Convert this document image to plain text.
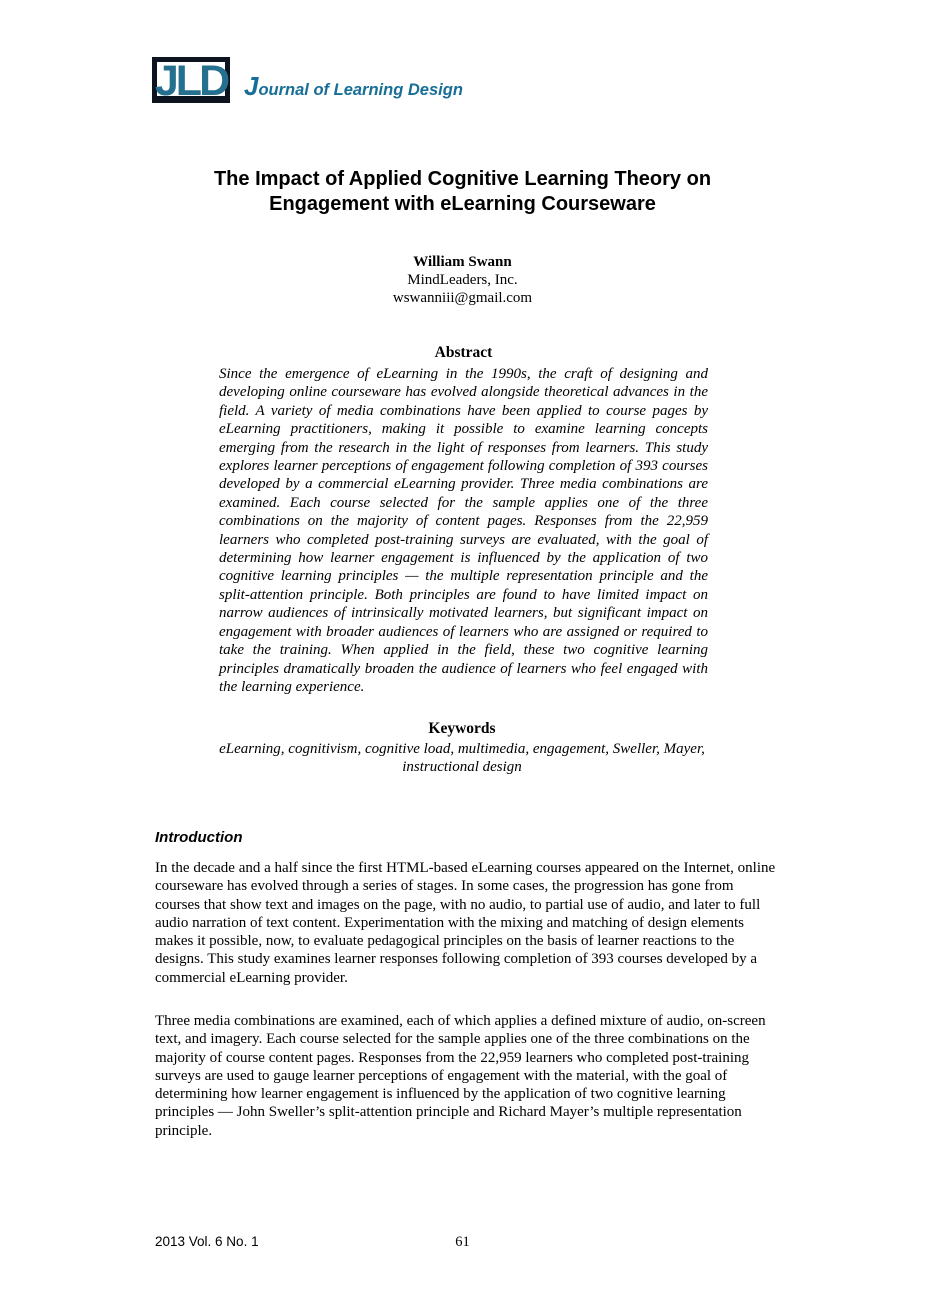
JLD Journal of Learning Design
The Impact of Applied Cognitive Learning Theory on
Engagement with eLearning Courseware
William Swann
MindLeaders, Inc.
wswanniii@gmail.com
Abstract
Since the emergence of eLearning in the 1990s, the craft of designing and developing online courseware has evolved alongside theoretical advances in the field. A variety of media combinations have been applied to course pages by eLearning practitioners, making it possible to examine learning concepts emerging from the research in the light of responses from learners. This study explores learner perceptions of engagement following completion of 393 courses developed by a commercial eLearning provider. Three media combinations are examined. Each course selected for the sample applies one of the three combinations on the majority of content pages. Responses from the 22,959 learners who completed post-training surveys are evaluated, with the goal of determining how learner engagement is influenced by the application of two cognitive learning principles — the multiple representation principle and the split-attention principle. Both principles are found to have limited impact on narrow audiences of intrinsically motivated learners, but significant impact on engagement with broader audiences of learners who are assigned or required to take the training. When applied in the field, these two cognitive learning principles dramatically broaden the audience of learners who feel engaged with the learning experience.
Keywords
eLearning, cognitivism, cognitive load, multimedia, engagement, Sweller, Mayer, instructional design
Introduction

In the decade and a half since the first HTML-based eLearning courses appeared on the Internet, online courseware has evolved through a series of stages. In some cases, the progression has gone from courses that show text and images on the page, with no audio, to partial use of audio, and later to full audio narration of text content. Experimentation with the mixing and matching of design elements makes it possible, now, to evaluate pedagogical principles on the basis of learner reactions to the designs. This study examines learner responses following completion of 393 courses developed by a commercial eLearning provider.

Three media combinations are examined, each of which applies a defined mixture of audio, on-screen text, and imagery. Each course selected for the sample applies one of the three combinations on the majority of course content pages. Responses from the 22,959 learners who completed post-training surveys are used to gauge learner perceptions of engagement with the material, with the goal of determining how learner engagement is influenced by the application of two cognitive learning principles — John Sweller’s split-attention principle and Richard Mayer’s multiple representation principle.

2013 Vol. 6 No. 1	61
